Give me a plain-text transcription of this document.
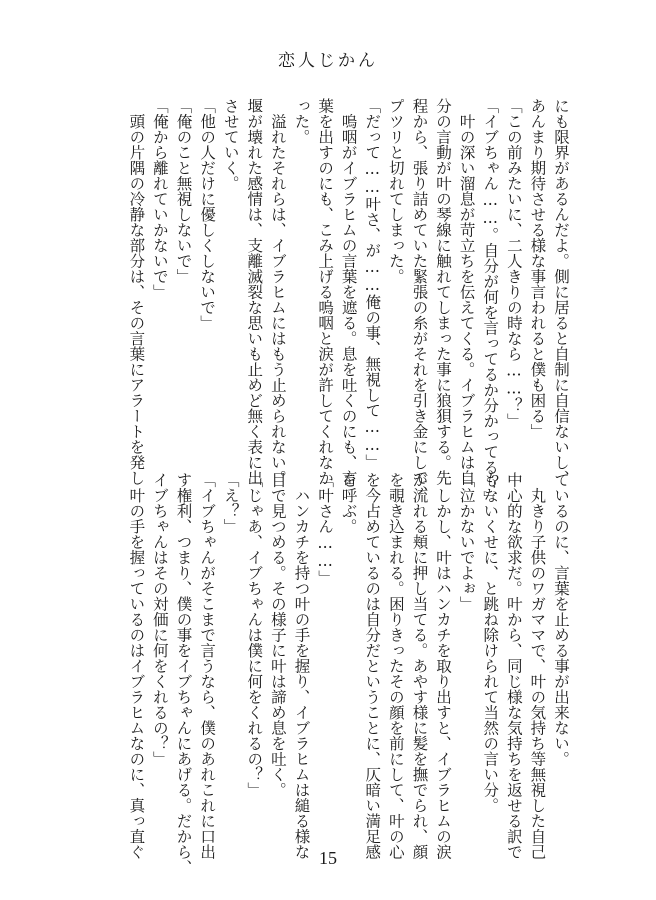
恋人じかん
にも限界があるんだよ。側に居ると自制に自信ないし、
あんまり期待させる様な事言われると僕も困る」
「この前みたいに、二人きりの時なら……？」
「イブちゃん……。自分が何を言ってるか分かってる？」
　叶の深い溜息が苛立ちを伝えてくる。イブラヒムは自
分の言動が叶の琴線に触れてしまった事に狼狽する。先
程から、張り詰めていた緊張の糸がそれを引き金にして、
プツリと切れてしまった。
「だって……叶さ、が……俺の事、無視して……」
　嗚咽がイブラヒムの言葉を遮る。息を吐くのにも、言
葉を出すのにも、こみ上げる嗚咽と涙が許してくれなか
った。
　溢れたそれらは、イブラヒムにはもう止められない。
堰が壊れた感情は、支離滅裂な思いも止めど無く表に出
させていく。
「他の人だけに優しくしないで」
「俺のこと無視しないで」
「俺から離れていかないで」
　頭の片隅の冷静な部分は、その言葉にアラートを発し
ているのに、言葉を止める事が出来ない。
　丸きり子供のワガママで、叶の気持ち等無視した自己
中心的な欲求だ。叶から、同じ様な気持ちを返せる訳で
もないくせに、と跳ね除けられて当然の言い分。
「泣かないでよぉ」
　しかし、叶はハンカチを取り出すと、イブラヒムの涙
が流れる頬に押し当てる。あやす様に髪を撫でられ、顔
を覗き込まれる。困りきったその顔を前にして、叶の心
を今占めているのは自分だということに、仄暗い満足感
を呼ぶ。
「叶さん……」
　ハンカチを持つ叶の手を握り、イブラヒムは縋る様な
目で見つめる。その様子に叶は諦め息を吐く。
「じゃあ、イブちゃんは僕に何をくれるの？」
「え？」
「イブちゃんがそこまで言うなら、僕のあれこれに口出
す権利、つまり、僕の事をイブちゃんにあげる。だから、
イブちゃんはその対価に何をくれるの？」
　叶の手を握っているのはイブラヒムなのに、真っ直ぐ	15
